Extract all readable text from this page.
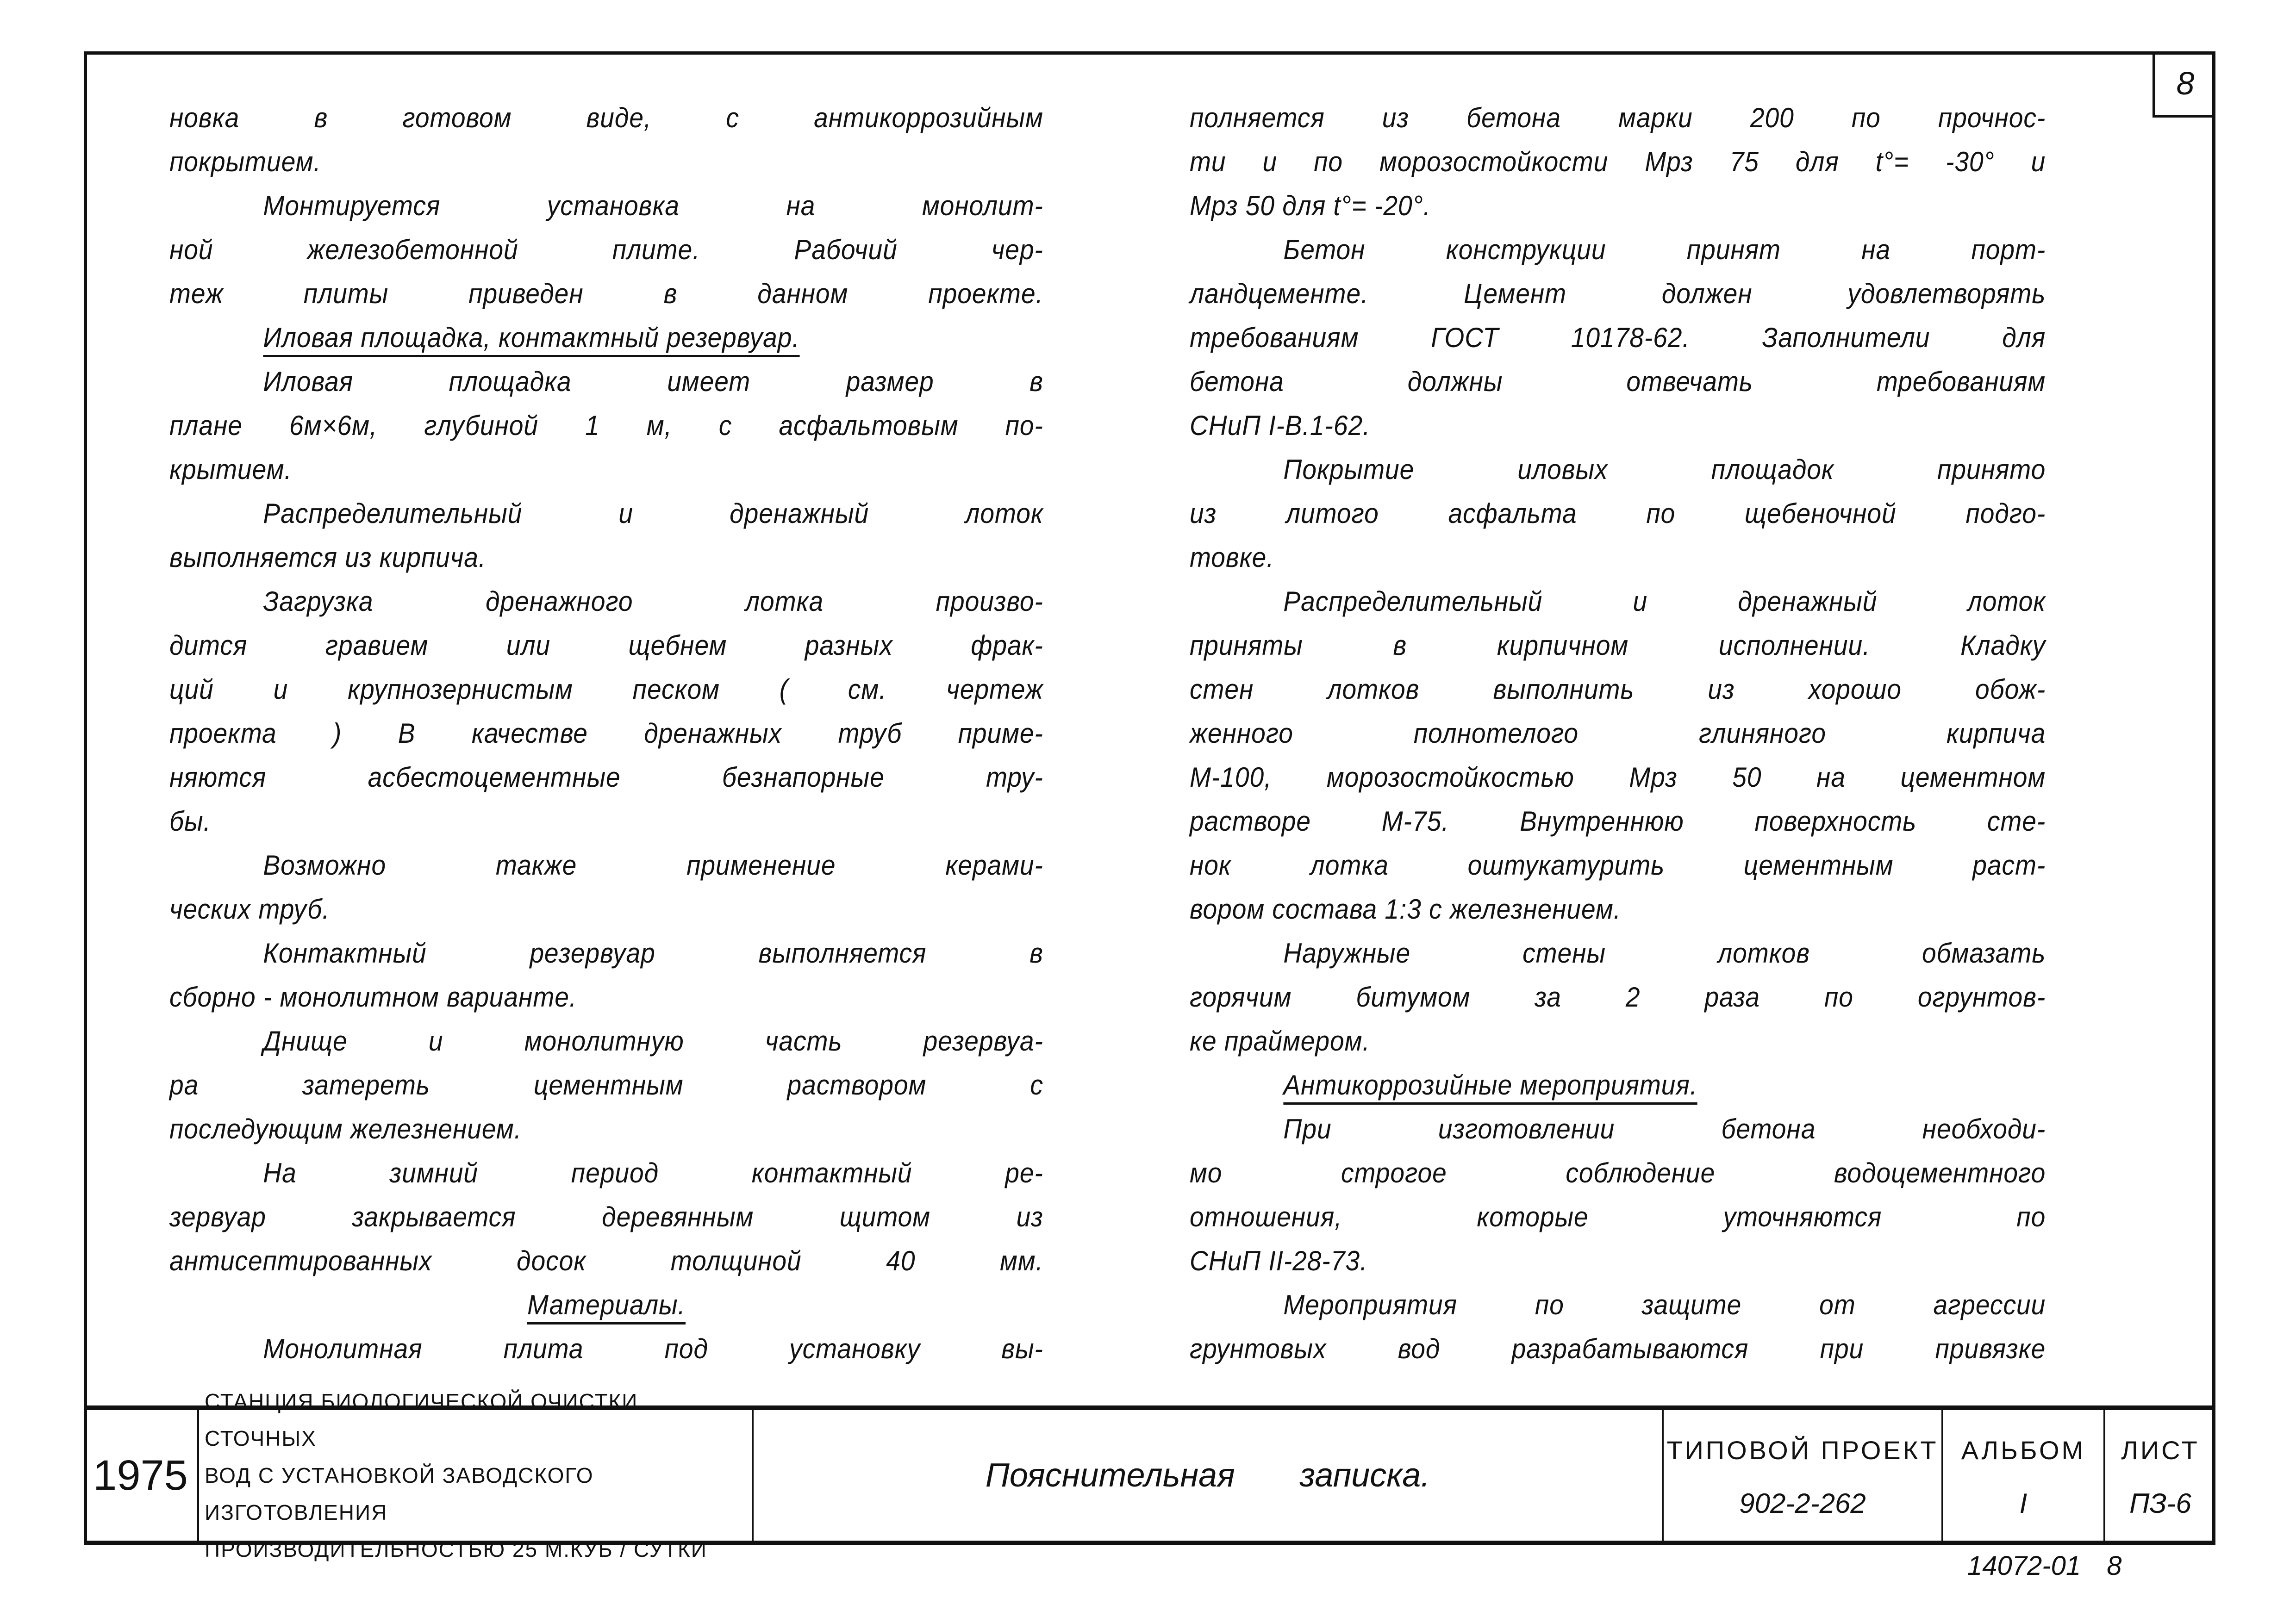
8
новка в готовом виде, с антикоррозийным
покрытием.
Монтируется установка на монолит-
ной железобетонной плите. Рабочий чер-
теж плиты приведен в данном проекте.
Иловая площадка, контактный резервуар.
Иловая площадка имеет размер в
плане 6м×6м, глубиной 1 м, с асфальтовым по-
крытием.
Распределительный и дренажный лоток
выполняется из кирпича.
Загрузка дренажного лотка произво-
дится гравием или щебнем разных фрак-
ций и крупнозернистым песком ( см. чертеж
проекта ) В качестве дренажных труб приме-
няются асбестоцементные безнапорные тру-
бы.
Возможно также применение керами-
ческих труб.
Контактный резервуар выполняется в
сборно - монолитном варианте.
Днище и монолитную часть резервуа-
ра затереть цементным раствором с
последующим железнением.
На зимний период контактный ре-
зервуар закрывается деревянным щитом из
антисептированных досок толщиной 40 мм.
Материалы.
Монолитная плита под установку вы-
полняется из бетона марки 200 по прочнос-
ти и по морозостойкости Мрз 75 для t°= -30° и
Мрз 50 для t°= -20°.
Бетон конструкции принят на порт-
ландцементе. Цемент должен удовлетворять
требованиям ГОСТ 10178-62. Заполнители для
бетона должны отвечать требованиям
СНиП I-В.1-62.
Покрытие иловых площадок принято
из литого асфальта по щебеночной подго-
товке.
Распределительный и дренажный лоток
приняты в кирпичном исполнении. Кладку
стен лотков выполнить из хорошо обож-
женного полнотелого глиняного кирпича
М-100, морозостойкостью Мрз 50 на цементном
растворе М-75. Внутреннюю поверхность сте-
нок лотка оштукатурить цементным раст-
вором состава 1:3 с железнением.
Наружные стены лотков обмазать
горячим битумом за 2 раза по огрунтов-
ке праймером.
Антикоррозийные мероприятия.
При изготовлении бетона необходи-
мо строгое соблюдение водоцементного
отношения, которые уточняются по
СНиП II-28-73.
Мероприятия по защите от агрессии
грунтовых вод разрабатываются при привязке
1975
СТАНЦИЯ БИОЛОГИЧЕСКОЙ ОЧИСТКИ СТОЧНЫХ
ВОД С УСТАНОВКОЙ ЗАВОДСКОГО ИЗГОТОВЛЕНИЯ
ПРОИЗВОДИТЕЛЬНОСТЬЮ 25 М.КУБ / СУТКИ
Пояснительная записка.
ТИПОВОЙ ПРОЕКТ
902-2-262
АЛЬБОМ
I
ЛИСТ
ПЗ-6
14072-01 8
